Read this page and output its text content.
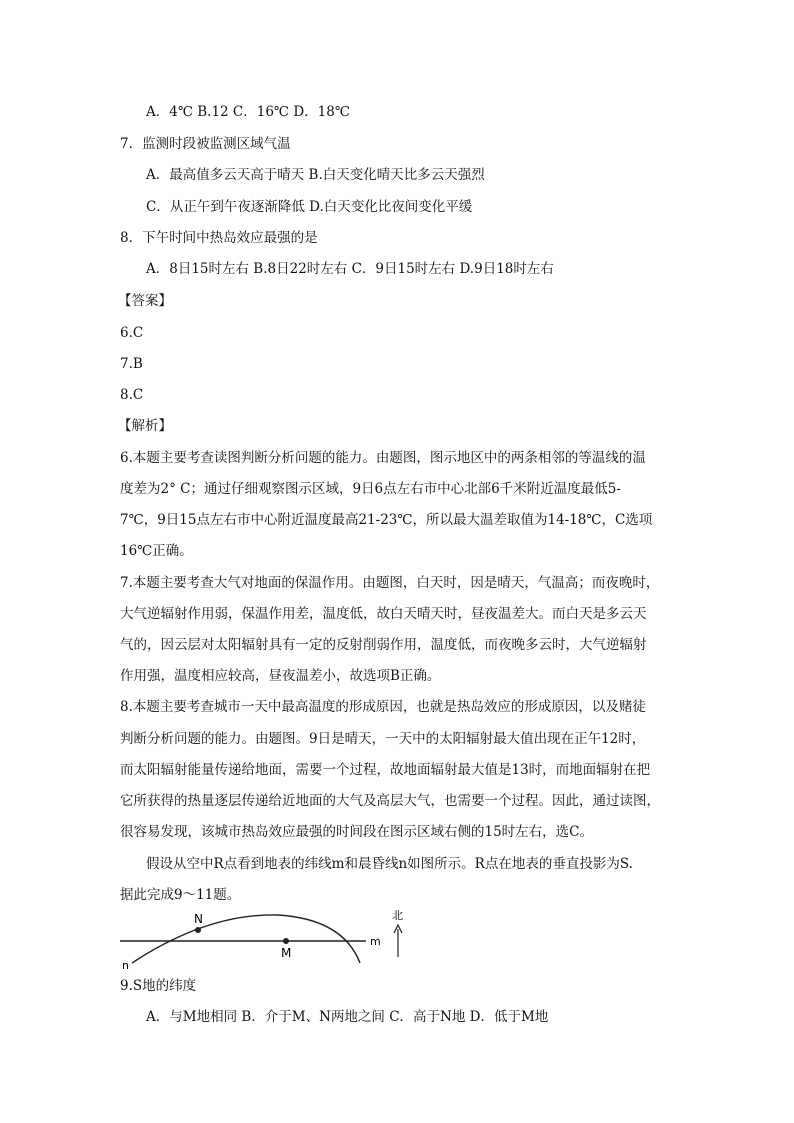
A．4℃ B.12 C．16℃ D．18℃
7．监测时段被监测区域气温
A．最高值多云天高于晴天 B.白天变化晴天比多云天强烈
C．从正午到午夜逐渐降低 D.白天变化比夜间变化平缓
8．下午时间中热岛效应最强的是
A．8日15时左右 B.8日22时左右 C．9日15时左右 D.9日18时左右
【答案】
6.C
7.B
8.C
【解析】
6.本题主要考查读图判断分析问题的能力。由题图，图示地区中的两条相邻的等温线的温
度差为2° C；通过仔细观察图示区域，9日6点左右市中心北部6千米附近温度最低5-
7℃，9日15点左右市中心附近温度最高21-23℃，所以最大温差取值为14-18℃，C选项
16℃正确。
7.本题主要考查大气对地面的保温作用。由题图，白天时，因是晴天，气温高；而夜晚时，
大气逆辐射作用弱，保温作用差，温度低，故白天晴天时，昼夜温差大。而白天是多云天
气的，因云层对太阳辐射具有一定的反射削弱作用，温度低，而夜晚多云时，大气逆辐射
作用强，温度相应较高，昼夜温差小，故选项B正确。
8.本题主要考查城市一天中最高温度的形成原因，也就是热岛效应的形成原因，以及赌徒
判断分析问题的能力。由题图。9日是晴天，一天中的太阳辐射最大值出现在正午12时，
而太阳辐射能量传递给地面，需要一个过程，故地面辐射最大值是13时，而地面辐射在把
它所获得的热量逐层传递给近地面的大气及高层大气，也需要一个过程。因此，通过读图，
很容易发现，该城市热岛效应最强的时间段在图示区域右侧的15时左右，选C。
假设从空中R点看到地表的纬线m和晨昏线n如图所示。R点在地表的垂直投影为S.
据此完成9～11题。
N
M
m
n
北
9.S地的纬度
A．与M地相同 B．介于M、N两地之间 C．高于N地 D．低于M地
